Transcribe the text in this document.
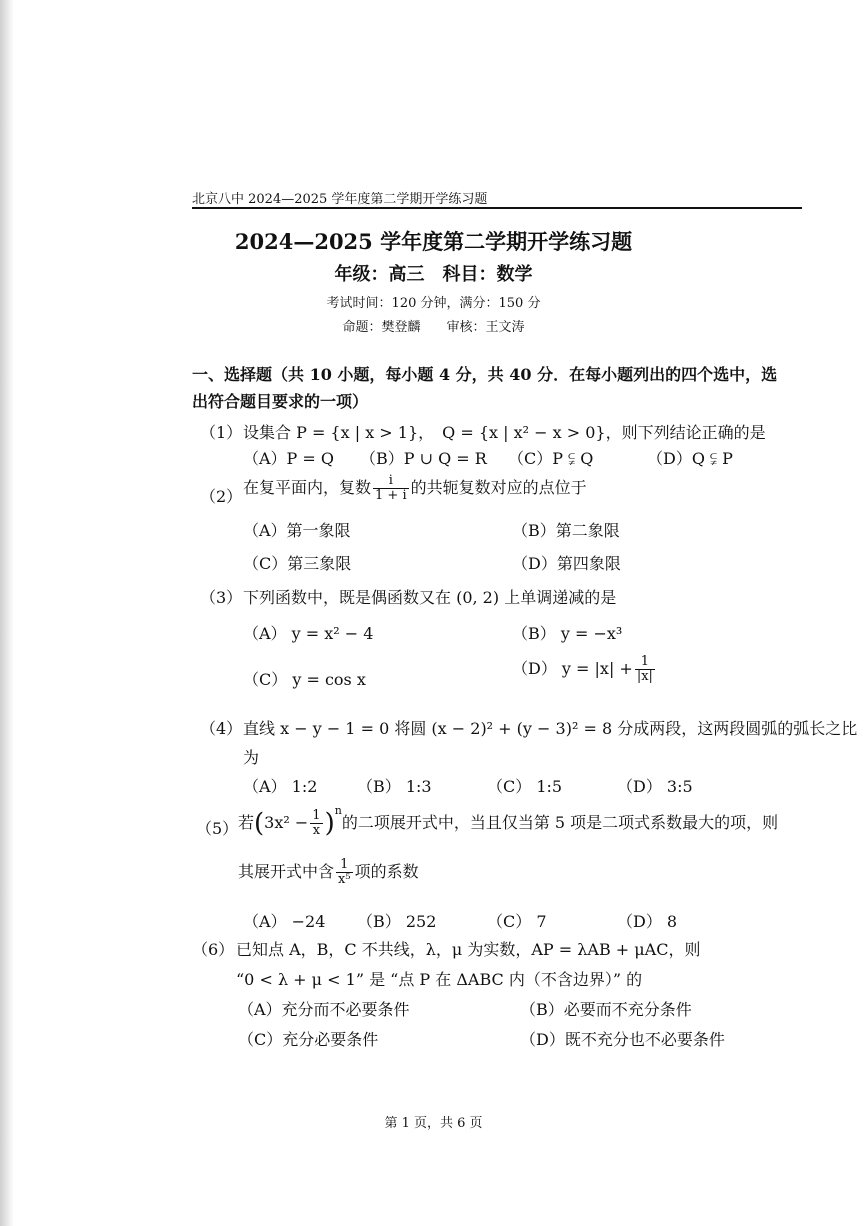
北京八中 2024—2025 学年度第二学期开学练习题
2024—2025 学年度第二学期开学练习题
年级：高三　科目：数学
考试时间：120 分钟，满分：150 分
命题：樊登麟　　审核：王文涛
一、选择题（共 10 小题，每小题 4 分，共 40 分．在每小题列出的四个选中，选
出符合题目要求的一项）
（1） 设集合 P = {x | x > 1}，　Q = {x | x² − x > 0}，则下列结论正确的是
（A）P = Q （B）P ∪ Q = R （C）P ⫋ Q	（D）Q ⫋ P
（2） 在复平面内，复数 $\frac{i}{1 + i}$ 的共轭复数对应的点位于
（A）第一象限	（B）第二象限
（C）第三象限	（D）第四象限
（3） 下列函数中，既是偶函数又在 (0, 2) 上单调递减的是
（A） y = x² − 4	（B） y = −x³
（C） y = cos x
（D） $y = |x| + \frac{1}{|x|}$
（4） 直线 x − y − 1 = 0 将圆 (x − 2)² + (y − 3)² = 8 分成两段，这两段圆弧的弧长之比
为
（A） 1:2 （B） 1:3	（C） 1:5	（D） 3:5
（5） 若$(3x^2 - \frac{1}{x} )^n$的二项展开式中，当且仅当第 5 项是二项式系数最大的项，则
其展开式中含 $\frac{1}{\text{x⁵}}$ 项的系数
（A） −24 （B） 252	（C） 7	（D） 8
（6） 已知点 A，B，C 不共线，λ，μ 为实数，AP = λAB + μAC，则
“0 < λ + μ < 1” 是 “点 P 在 ΔABC 内（不含边界）” 的
（A）充分而不必要条件	（B）必要而不充分条件
（C）充分必要条件	（D）既不充分也不必要条件
第 1 页，共 6 页
